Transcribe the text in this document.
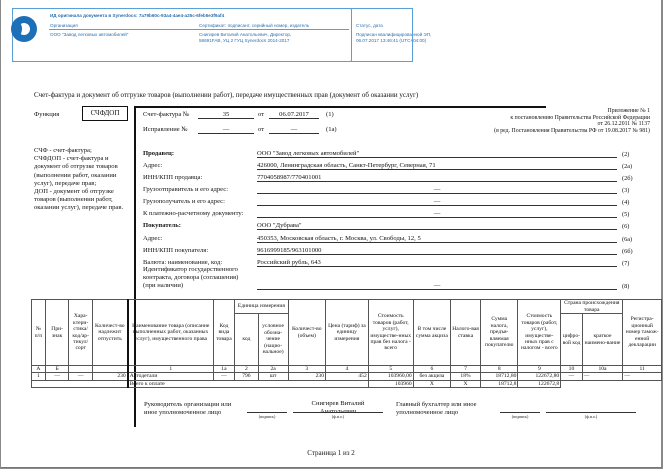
ИД оригинала документа в Synerdocs: 7a79b60c-93a4-4ae4-a25c-6feb5e3f9af4
Организация
ООО "Завод легковых автомобилей"
Сертификат: подписант, серийный номер, издатель
Снигирев Виталий Анатольевич, Директор,
58691FAB, УЦ 2 ГУЦ Synerdocs 2014-2017
Статус, дата
Подписан квалифицированной ЭП,
06.07.2017 13:46:41 (UTC+04:00)
Счет-фактура и документ об отгрузке товаров (выполнении работ), передаче имущественных прав (документ об оказании услуг)
Функция	СЧФДОП
СЧФ - счет-фактура;
СЧФДОП - счет-фактура и
документ об отгрузке товаров
(выполнении работ, оказании
услуг), передаче прав;
ДОП - документ об отгрузке
товаров (выполнении работ,
оказании услуг), передаче прав.
Приложение № 1
к постановлению Правительства Российской Федерации
от 26.12.2011 № 1137
(в ред. Постановления Правительства РФ от 19.08.2017 № 981)
Счет-фактура №	35	от	06.07.2017	(1)
Исправление №	—	от	—	(1а)
Продавец:	ООО "Завод легковых автомобилей"	(2)
Адрес:	426000, Ленинградская область, Санкт-Петербург, Северная, 71	(2а)
ИНН/КПП продавца:	7704058987/770401001	(2б)
Грузоотправитель и его адрес:	—	(3)
Грузополучатель и его адрес:	—	(4)
К платежно-расчетному документу:	—	(5)
Покупатель:	ООО "Дубрава"	(6)
Адрес:	450353, Московская область, г. Москва, ул. Свободы, 12, 5	(6а)
ИНН/КПП покупателя:	9616999185/963101000	(6б)
Валюта: наименование, код:	Российский рубль, 643	(7)
Идентификатор государственного
контракта, договора (соглашения)
(при наличии)	—	(8)
№ п/п	При-знак	Хара-ктери-стика/ код/ар-тикул/ сорт	Количест-во надлежит отпустить	Наименование товара (описание выполненных работ, оказанных услуг), имущественного права	Код вида товара	Единица измерения		Количест-во (объем)	Цена (тариф) за единицу измерения	Стоимость товаров (работ, услуг), имуществе-нных прав без налога - всего	В том числе сумма акциза	Налого-вая ставка	Сумма налога, предъя-вляемая покупателю	Стоимость товаров (работ, услуг), имуществе-нных прав с налогом - всего	Страна происхождения товара		Регистра-ционный номер тамож-енной декларации
						код	условное обозна-чение (нацио-нальное)								цифро-вой код	краткое наимено-вание	
А	Б			1	1а	2	2а	3	4	5	6	7	8	9	10	10а	11
1	—	—	230	Автодетали	—	796	шт	230	452	103960,00	без акциза	18%	18712,80	122672,80	—	—	—
				Всего к оплате						103960	X	X	18712,8	122672,8			
Руководитель организации или
иное уполномоченное лицо
(подпись)
Снигирев Виталий
Анатольевич
(ф.и.о.)
Главный бухгалтер или иное
уполномоченное лицо
(подпись)	(ф.и.о.)
Страница 1 из 2
